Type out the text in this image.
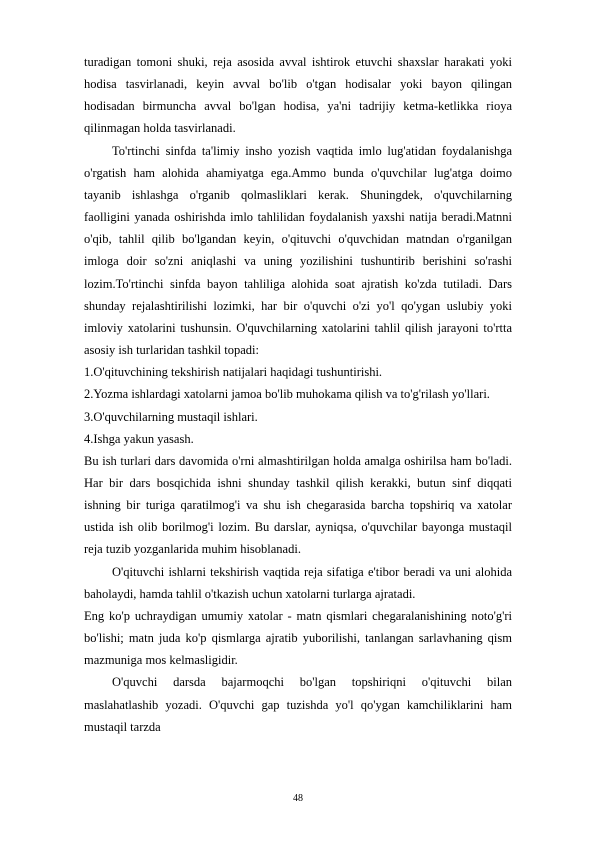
turadigan tomoni shuki, reja asosida avval ishtirok etuvchi shaxslar harakati yoki hodisa tasvirlanadi, keyin avval bo'lib o'tgan hodisalar yoki bayon qilingan hodisadan birmuncha avval bo'lgan hodisa, ya'ni tadrijiy ketma-ketlikka rioya qilinmagan holda tasvirlanadi.

To'rtinchi sinfda ta'limiy insho yozish vaqtida imlo lug'atidan foydalanishga o'rgatish ham alohida ahamiyatga ega.Ammo bunda o'quvchilar lug'atga doimo tayanib ishlashga o'rganib qolmasliklari kerak. Shuningdek, o'quvchilarning faolligini yanada oshirishda imlo tahlilidan foydalanish yaxshi natija beradi.Matnni o'qib, tahlil qilib bo'lgandan keyin, o'qituvchi o'quvchidan matndan o'rganilgan imloga doir so'zni aniqlashi va uning yozilishini tushuntirib berishini so'rashi lozim.To'rtinchi sinfda bayon tahliliga alohida soat ajratish ko'zda tutiladi. Dars shunday rejalashtirilishi lozimki, har bir o'quvchi o'zi yo'l qo'ygan uslubiy yoki imloviy xatolarini tushunsin. O'quvchilarning xatolarini tahlil qilish jarayoni to'rtta asosiy ish turlaridan tashkil topadi:

1.O'qituvchining tekshirish natijalari haqidagi tushuntirishi.

2.Yozma ishlardagi xatolarni jamoa bo'lib muhokama qilish va to'g'rilash yo'llari.

3.O'quvchilarning mustaqil ishlari.

4.Ishga yakun yasash.

Bu ish turlari dars davomida o'rni almashtirilgan holda amalga oshirilsa ham bo'ladi. Har bir dars bosqichida ishni shunday tashkil qilish kerakki, butun sinf diqqati ishning bir turiga qaratilmog'i va shu ish chegarasida barcha topshiriq va xatolar ustida ish olib borilmog'i lozim. Bu darslar, ayniqsa, o'quvchilar bayonga mustaqil reja tuzib yozganlarida muhim hisoblanadi.

O'qituvchi ishlarni tekshirish vaqtida reja sifatiga e'tibor beradi va uni alohida baholaydi, hamda tahlil o'tkazish uchun xatolarni turlarga ajratadi.

Eng ko'p uchraydigan umumiy xatolar - matn qismlari chegaralanishining noto'g'ri bo'lishi; matn juda ko'p qismlarga ajratib yuborilishi, tanlangan sarlavhaning qism mazmuniga mos kelmasligidir.

O'quvchi darsda bajarmoqchi bo'lgan topshiriqni o'qituvchi bilan maslahatlashib yozadi. O'quvchi gap tuzishda yo'l qo'ygan kamchiliklarini ham mustaqil tarzda

48
